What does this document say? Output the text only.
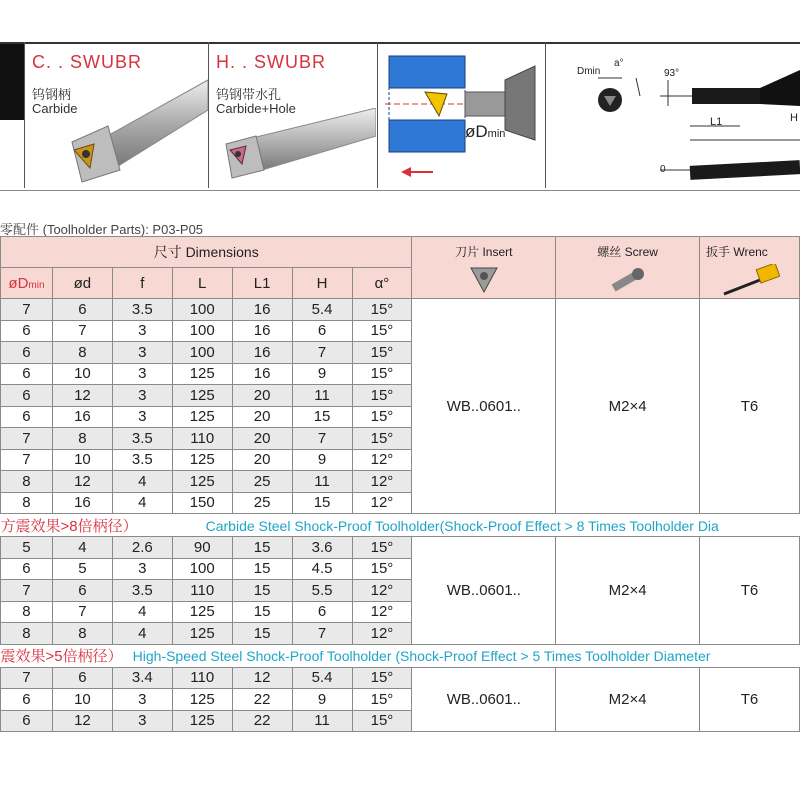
C. . SWUBR
钨钢柄
Carbide
H. . SWUBR
钨钢带水孔
Carbide+Hole
øDmin
Dmin
a°
93°
L1	H
0
零配件 (Toolholder Parts): P03-P05
尺寸 Dimensions							刀片 Insert	螺丝 Screw	扳手 Wrenc

øDmin	ød	f	L	L1	H	α°			
7	6	3.5	100	16	5.4	15°	WB..0601..	M2×4	T6
6	7	3	100	16	6	15°			
6	8	3	100	16	7	15°			
6	10	3	125	16	9	15°			
6	12	3	125	20	11	15°			
6	16	3	125	20	15	15°			
7	8	3.5	110	20	7	15°			
7	10	3.5	125	20	9	12°			
8	12	4	125	25	11	12°			
8	16	4	150	25	15	12°			
方震效果>8倍柄径） Carbide Steel Shock-Proof Toolholder(Shock-Proof Effect > 8 Times Toolholder Dia									
5	4	2.6	90	15	3.6	15°	WB..0601..	M2×4	T6
6	5	3	100	15	4.5	15°			
7	6	3.5	110	15	5.5	12°			
8	7	4	125	15	6	12°			
8	8	4	125	15	7	12°			
震效果>5倍柄径） High-Speed Steel Shock-Proof Toolholder (Shock-Proof Effect > 5 Times Toolholder Diameter									
7	6	3.4	110	12	5.4	15°	WB..0601..	M2×4	T6
6	10	3	125	22	9	15°			
6	12	3	125	22	11	15°			
